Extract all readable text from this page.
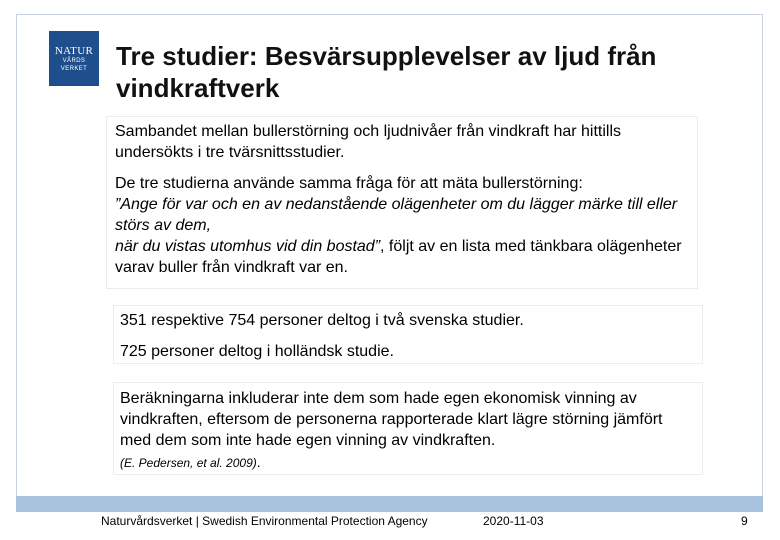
NATUR
VÅRDS
VERKET	Tre studier: Besvärsupplevelser av ljud från vindkraftverk

Sambandet mellan bullerstörning och ljudnivåer från vindkraft har hittills undersökts i tre tvärsnittsstudier.

De tre studierna använde samma fråga för att mäta bullerstörning:
”Ange för var och en av nedanstående olägenheter om du lägger märke till eller störs av dem,
när du vistas utomhus vid din bostad”, följt av en lista med tänkbara olägenheter varav buller från vindkraft var en.

351 respektive 754 personer deltog i två svenska studier.

725 personer deltog i holländsk studie.

Beräkningarna inkluderar inte dem som hade egen ekonomisk vinning av vindkraften, eftersom de personerna rapporterade klart lägre störning jämfört med dem som inte hade egen vinning av vindkraften.

(E. Pedersen, et al. 2009).

Naturvårdsverket | Swedish Environmental Protection Agency	2020-11-03	9
